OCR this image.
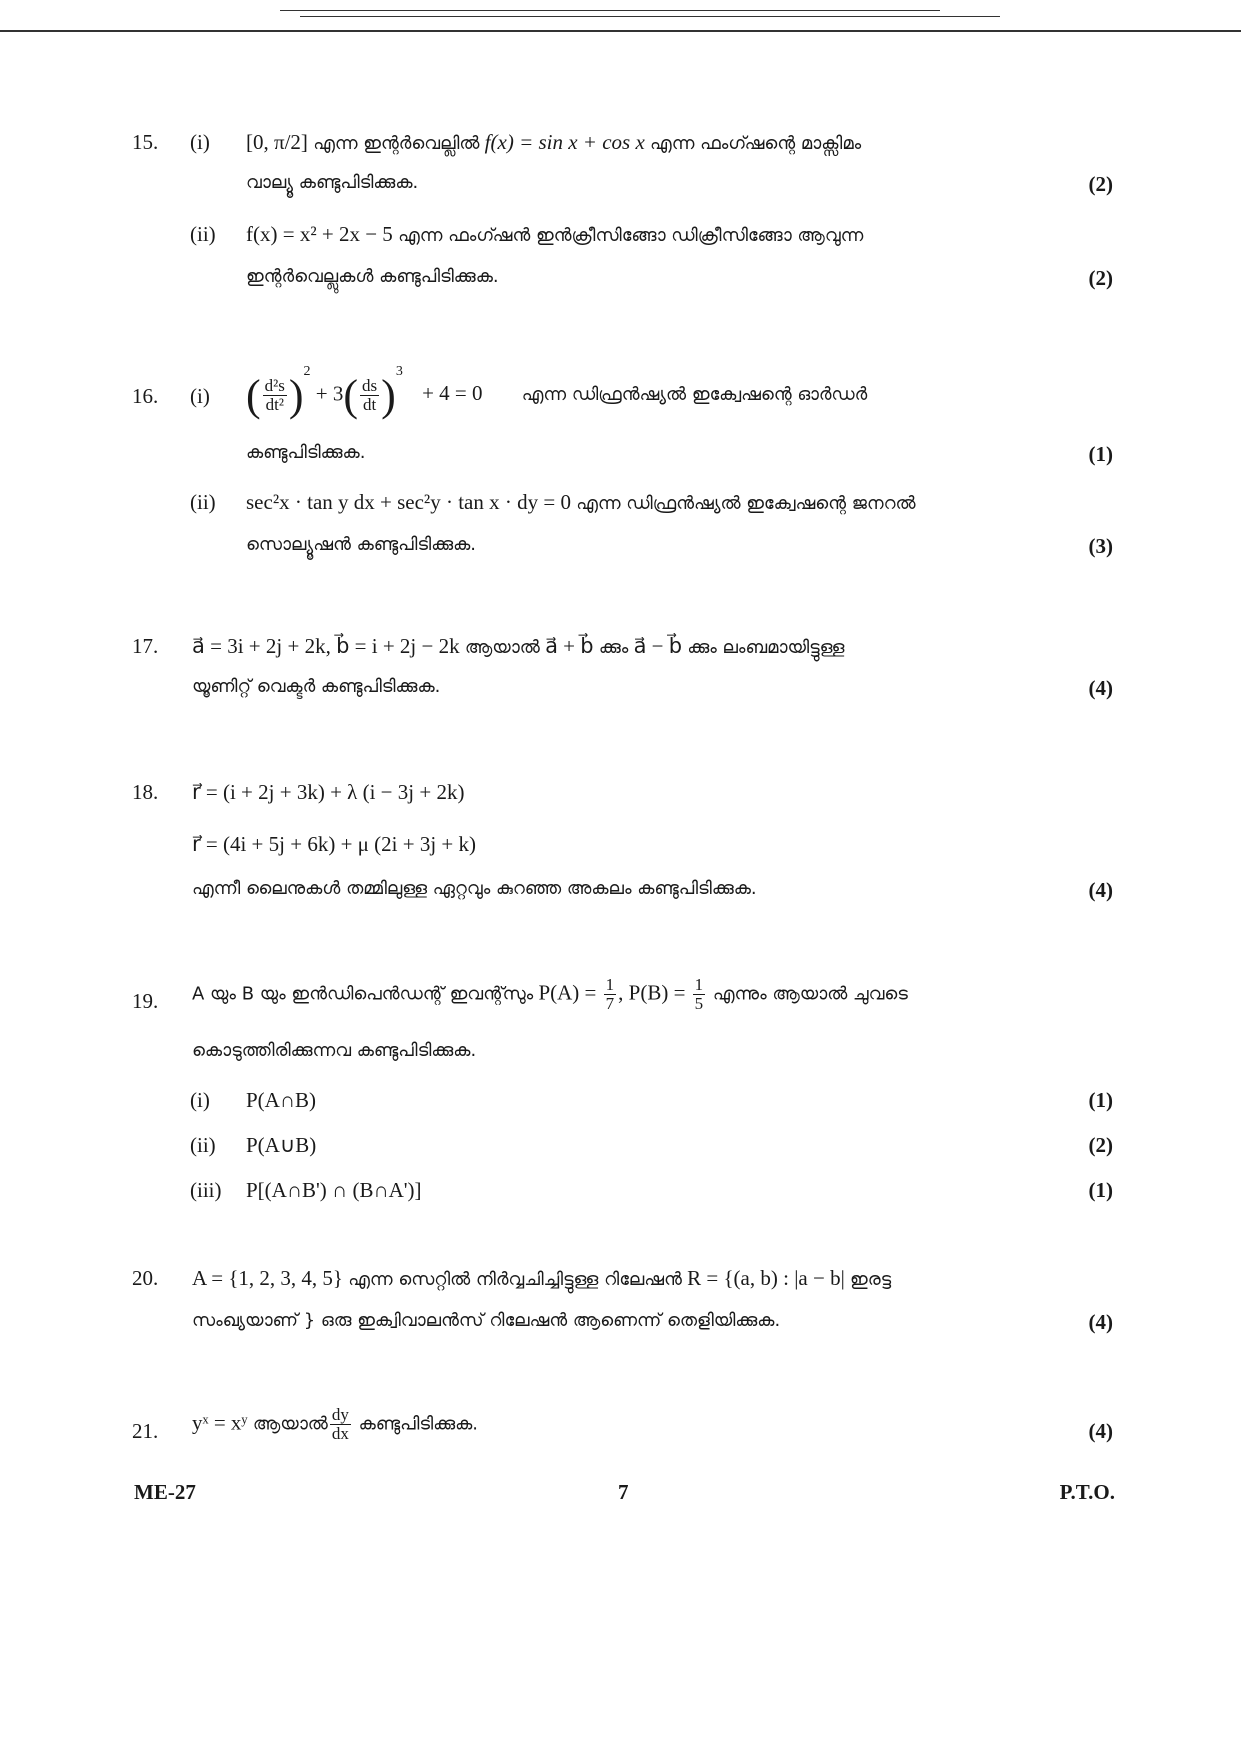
15. (i) [0, π/2] എന്ന ഇന്റർവെല്ലിൽ f(x) = sin x + cos x എന്ന ഫംഗ്ഷന്റെ മാക്സിമം
വാല്യൂ കണ്ടുപിടിക്കുക.	(2)
(ii) f(x) = x² + 2x − 5 എന്ന ഫംഗ്ഷൻ ഇൻക്രീസിങ്ങോ ഡിക്രീസിങ്ങോ ആവുന്ന
ഇന്റർവെല്ലുകൾ കണ്ടുപിടിക്കുക.	(2)
16. (i) ( $\frac{\text{d²s}}{\text{dt²}} )^2 + 3( \frac{ds}{dt} )^3 + 4 = 0$ എന്ന ഡിഫ്രൻഷ്യൽ ഇക്വേഷന്റെ ഓർഡർ
കണ്ടുപിടിക്കുക.	(1)
(ii) sec²x · tan y dx + sec²y · tan x · dy = 0 എന്ന ഡിഫ്രൻഷ്യൽ ഇക്വേഷന്റെ ജനറൽ
സൊല്യൂഷൻ കണ്ടുപിടിക്കുക.	(3)
17. a⃗ = 3i + 2j + 2k, b⃗ = i + 2j − 2k ആയാൽ a⃗ + b⃗ ക്കും a⃗ − b⃗ ക്കും ലംബമായിട്ടുള്ള
യൂണിറ്റ് വെക്ടർ കണ്ടുപിടിക്കുക.	(4)
18. r⃗ = (i + 2j + 3k) + λ (i − 3j + 2k)
r⃗ = (4i + 5j + 6k) + μ (2i + 3j + k)
എന്നീ ലൈനുകൾ തമ്മിലുള്ള ഏറ്റവും കുറഞ്ഞ അകലം കണ്ടുപിടിക്കുക.	(4)
19. A യും B യും ഇൻഡിപെൻഡന്റ് ഇവന്റ്സും $P(A) = \frac{1}{7}$ , $P(B) = \frac{1}{5}$ എന്നും ആയാൽ ചുവടെ
കൊടുത്തിരിക്കുന്നവ കണ്ടുപിടിക്കുക.
(i) P(A∩B)	(1)
(ii) P(A∪B)	(2)
(iii) P[(A∩B') ∩ (B∩A')]	(1)
20. A = {1, 2, 3, 4, 5} എന്ന സെറ്റിൽ നിർവ്വചിച്ചിട്ടുള്ള റിലേഷൻ R = {(a, b) : |a − b| ഇരട്ട
സംഖ്യയാണ് } ഒരു ഇക്വിവാലൻസ് റിലേഷൻ ആണെന്ന് തെളിയിക്കുക.	(4)
21. yˣ = xʸ ആയാൽ $\frac{dy}{dx}$ കണ്ടുപിടിക്കുക.	(4)
ME-27	7	P.T.O.
